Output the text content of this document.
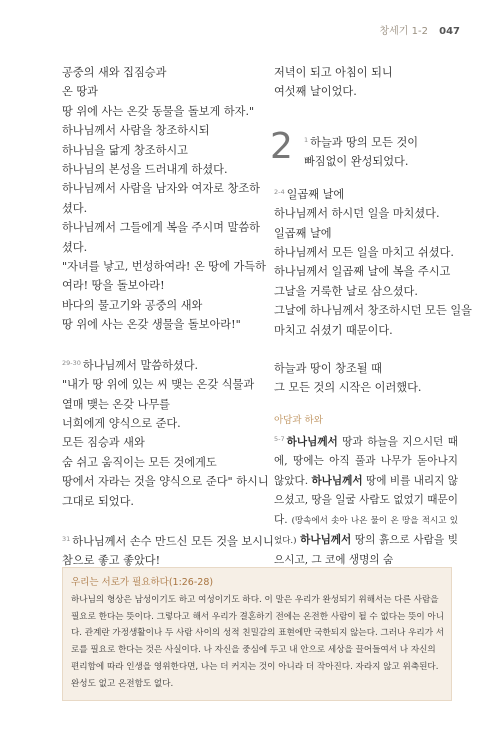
창세기 1-2 047
공중의 새와 집짐승과
온 땅과
땅 위에 사는 온갖 동물을 돌보게 하자."
하나님께서 사람을 창조하시되
하나님을 닮게 창조하시고
하나님의 본성을 드러내게 하셨다.
하나님께서 사람을 남자와 여자로 창조하
셨다.
하나님께서 그들에게 복을 주시며 말씀하
셨다.
"자녀를 낳고, 번성하여라! 온 땅에 가득하
여라! 땅을 돌보아라!
바다의 물고기와 공중의 새와
땅 위에 사는 온갖 생물을 돌보아라!"
$^{29-30}$ 하나님께서 말씀하셨다.
"내가 땅 위에 있는 씨 맺는 온갖 식물과
열매 맺는 온갖 나무를
너희에게 양식으로 준다.
모든 짐승과 새와
숨 쉬고 움직이는 모든 것에게도
땅에서 자라는 것을 양식으로 준다" 하시니
그대로 되었다.
$^{31}$ 하나님께서 손수 만드신 모든 것을 보시니
참으로 좋고 좋았다!
저녁이 되고 아침이 되니
여섯째 날이었다.
2	$^1$ 하늘과 땅의 모든 것이
빠짐없이 완성되었다.
$^{2-4}$ 일곱째 날에
하나님께서 하시던 일을 마치셨다.
일곱째 날에
하나님께서 모든 일을 마치고 쉬셨다.
하나님께서 일곱째 날에 복을 주시고
그날을 거룩한 날로 삼으셨다.
그날에 하나님께서 창조하시던 모든 일을
마치고 쉬셨기 때문이다.
하늘과 땅이 창조될 때
그 모든 것의 시작은 이러했다.
아담과 하와
$^{5-7}$ 하나님께서 땅과 하늘을 지으시던 때에, 땅에는 아직 풀과 나무가 돋아나지 않았다. 하나님께서 땅에 비를 내리지 않으셨고, 땅을 일굴 사람도 없었기 때문이다. (땅속에서 솟아 나온 물이 온 땅을 적시고 있었다.) 하나님께서 땅의 흙으로 사람을 빚으시고, 그 코에 생명의 숨
우리는 서로가 필요하다(1:26-28)
하나님의 형상은 남성이기도 하고 여성이기도 하다. 이 말은 우리가 완성되기 위해서는 다른 사람을
필요로 한다는 뜻이다. 그렇다고 해서 우리가 결혼하기 전에는 온전한 사람이 될 수 없다는 뜻이 아니
다. 관계란 가정생활이나 두 사람 사이의 성적 친밀감의 표현에만 국한되지 않는다. 그러나 우리가 서
로를 필요로 한다는 것은 사실이다. 나 자신을 중심에 두고 내 안으로 세상을 끌어들여서 나 자신의
편리함에 따라 인생을 영위한다면, 나는 더 커지는 것이 아니라 더 작아진다. 자라지 않고 위축된다.
완성도 없고 온전함도 없다.
